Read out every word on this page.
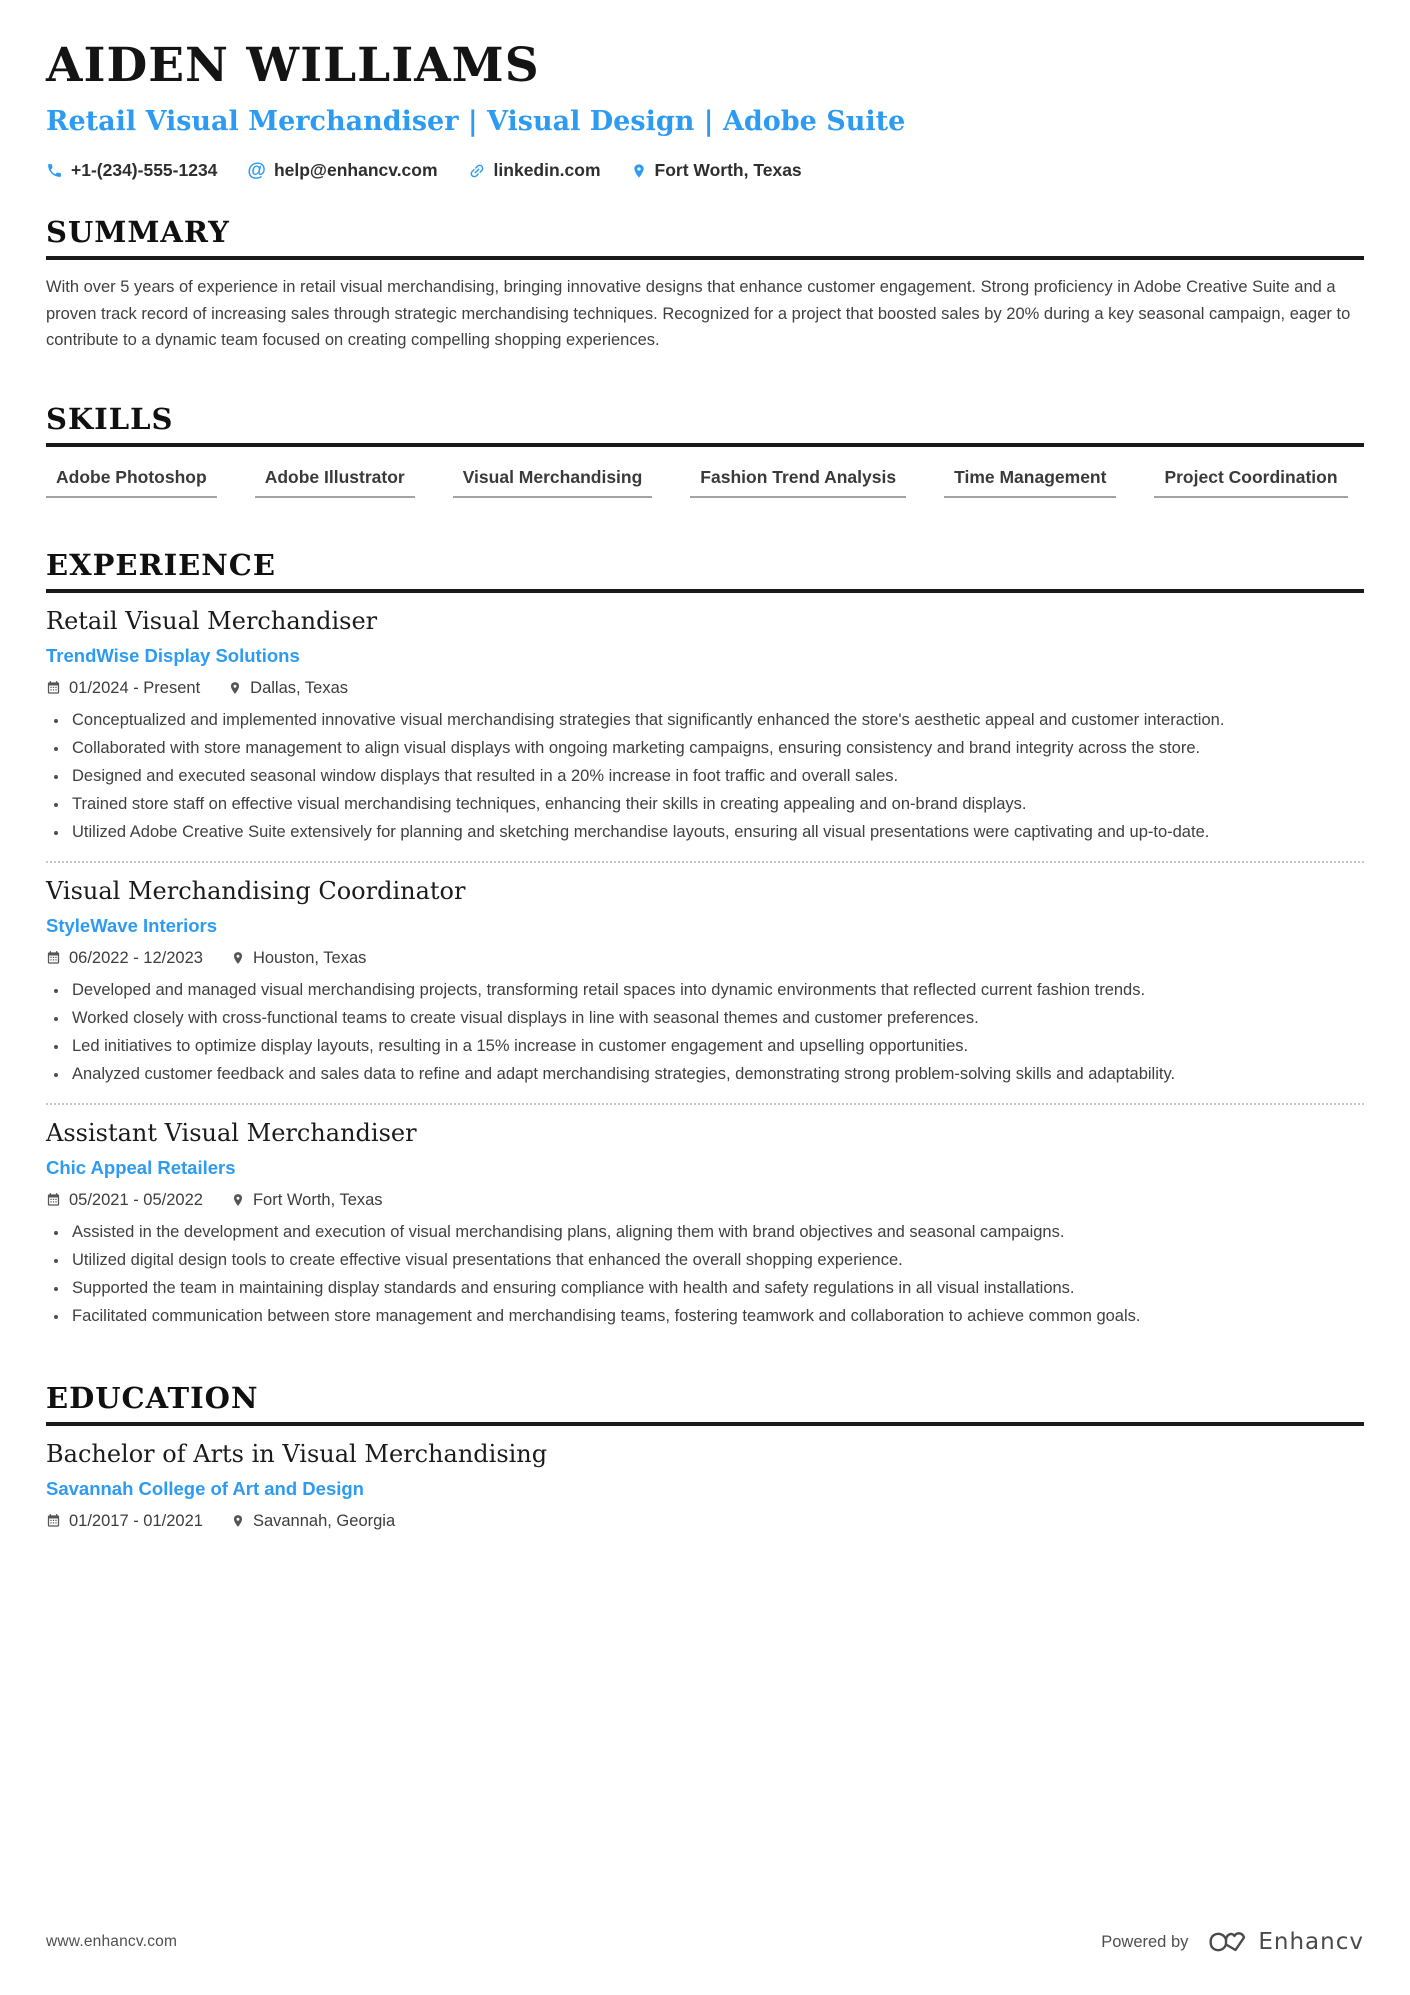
AIDEN WILLIAMS
Retail Visual Merchandiser | Visual Design | Adobe Suite
+1-(234)-555-1234 @ help@enhancv.com	linkedin.com	Fort Worth, Texas
SUMMARY

With over 5 years of experience in retail visual merchandising, bringing innovative designs that enhance customer engagement. Strong proficiency in Adobe Creative Suite and a proven track record of increasing sales through strategic merchandising techniques. Recognized for a project that boosted sales by 20% during a key seasonal campaign, eager to contribute to a dynamic team focused on creating compelling shopping experiences.

SKILLS
Adobe Photoshop	Adobe Illustrator	Visual Merchandising	Fashion Trend Analysis	Time Management	Project Coordination
EXPERIENCE
Retail Visual Merchandiser
TrendWise Display Solutions
01/2024 - Present	Dallas, Texas
• Conceptualized and implemented innovative visual merchandising strategies that significantly enhanced the store's aesthetic appeal and customer interaction.
• Collaborated with store management to align visual displays with ongoing marketing campaigns, ensuring consistency and brand integrity across the store.
• Designed and executed seasonal window displays that resulted in a 20% increase in foot traffic and overall sales.
• Trained store staff on effective visual merchandising techniques, enhancing their skills in creating appealing and on-brand displays.
• Utilized Adobe Creative Suite extensively for planning and sketching merchandise layouts, ensuring all visual presentations were captivating and up-to-date.
Visual Merchandising Coordinator
StyleWave Interiors
06/2022 - 12/2023	Houston, Texas
• Developed and managed visual merchandising projects, transforming retail spaces into dynamic environments that reflected current fashion trends.
• Worked closely with cross-functional teams to create visual displays in line with seasonal themes and customer preferences.
• Led initiatives to optimize display layouts, resulting in a 15% increase in customer engagement and upselling opportunities.
• Analyzed customer feedback and sales data to refine and adapt merchandising strategies, demonstrating strong problem-solving skills and adaptability.
Assistant Visual Merchandiser
Chic Appeal Retailers
05/2021 - 05/2022	Fort Worth, Texas
• Assisted in the development and execution of visual merchandising plans, aligning them with brand objectives and seasonal campaigns.
• Utilized digital design tools to create effective visual presentations that enhanced the overall shopping experience.
• Supported the team in maintaining display standards and ensuring compliance with health and safety regulations in all visual installations.
• Facilitated communication between store management and merchandising teams, fostering teamwork and collaboration to achieve common goals.
EDUCATION
Bachelor of Arts in Visual Merchandising
Savannah College of Art and Design
01/2017 - 01/2021	Savannah, Georgia
www.enhancv.com	Powered by	Enhancv
